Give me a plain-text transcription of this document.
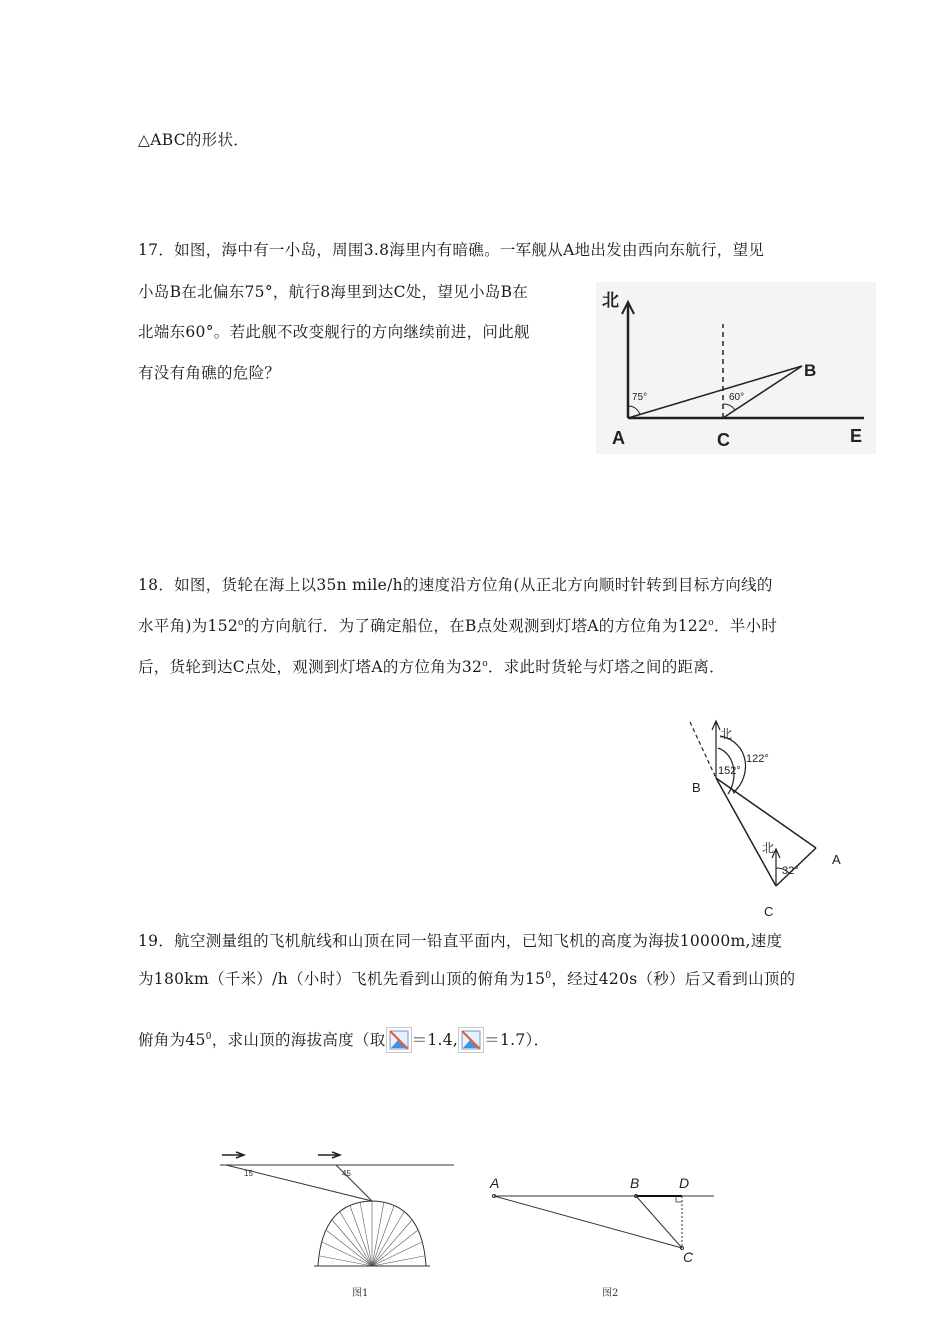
△ABC的形状．
17．如图，海中有一小岛，周围3.8海里内有暗礁。一军舰从A地出发由西向东航行，望见
小岛B在北偏东75°，航行8海里到达C处，望见小岛B在
北端东60°。若此舰不改变舰行的方向继续前进，问此舰
有没有角礁的危险？
北
75°	60°
B
A	C	E
18．如图，货轮在海上以35n mile/h的速度沿方位角(从正北方向顺时针转到目标方向线的
水平角)为152$^o$的方向航行．为了确定船位，在B点处观测到灯塔A的方位角为122$^o$．半小时
后，货轮到达C点处，观测到灯塔A的方位角为32$^o$．求此时货轮与灯塔之间的距离．
北
122°
152°
B
北
32°
A
C
19．航空测量组的飞机航线和山顶在同一铅直平面内，已知飞机的高度为海拔10000m,速度
为180km（千米）/h（小时）飞机先看到山顶的俯角为$15^0$，经过420s（秒）后又看到山顶的
俯角为$45^0$，求山顶的海拔高度（取 ＝1.4, ＝1.7）．
15	45
图1
A	B	D
C
图2
